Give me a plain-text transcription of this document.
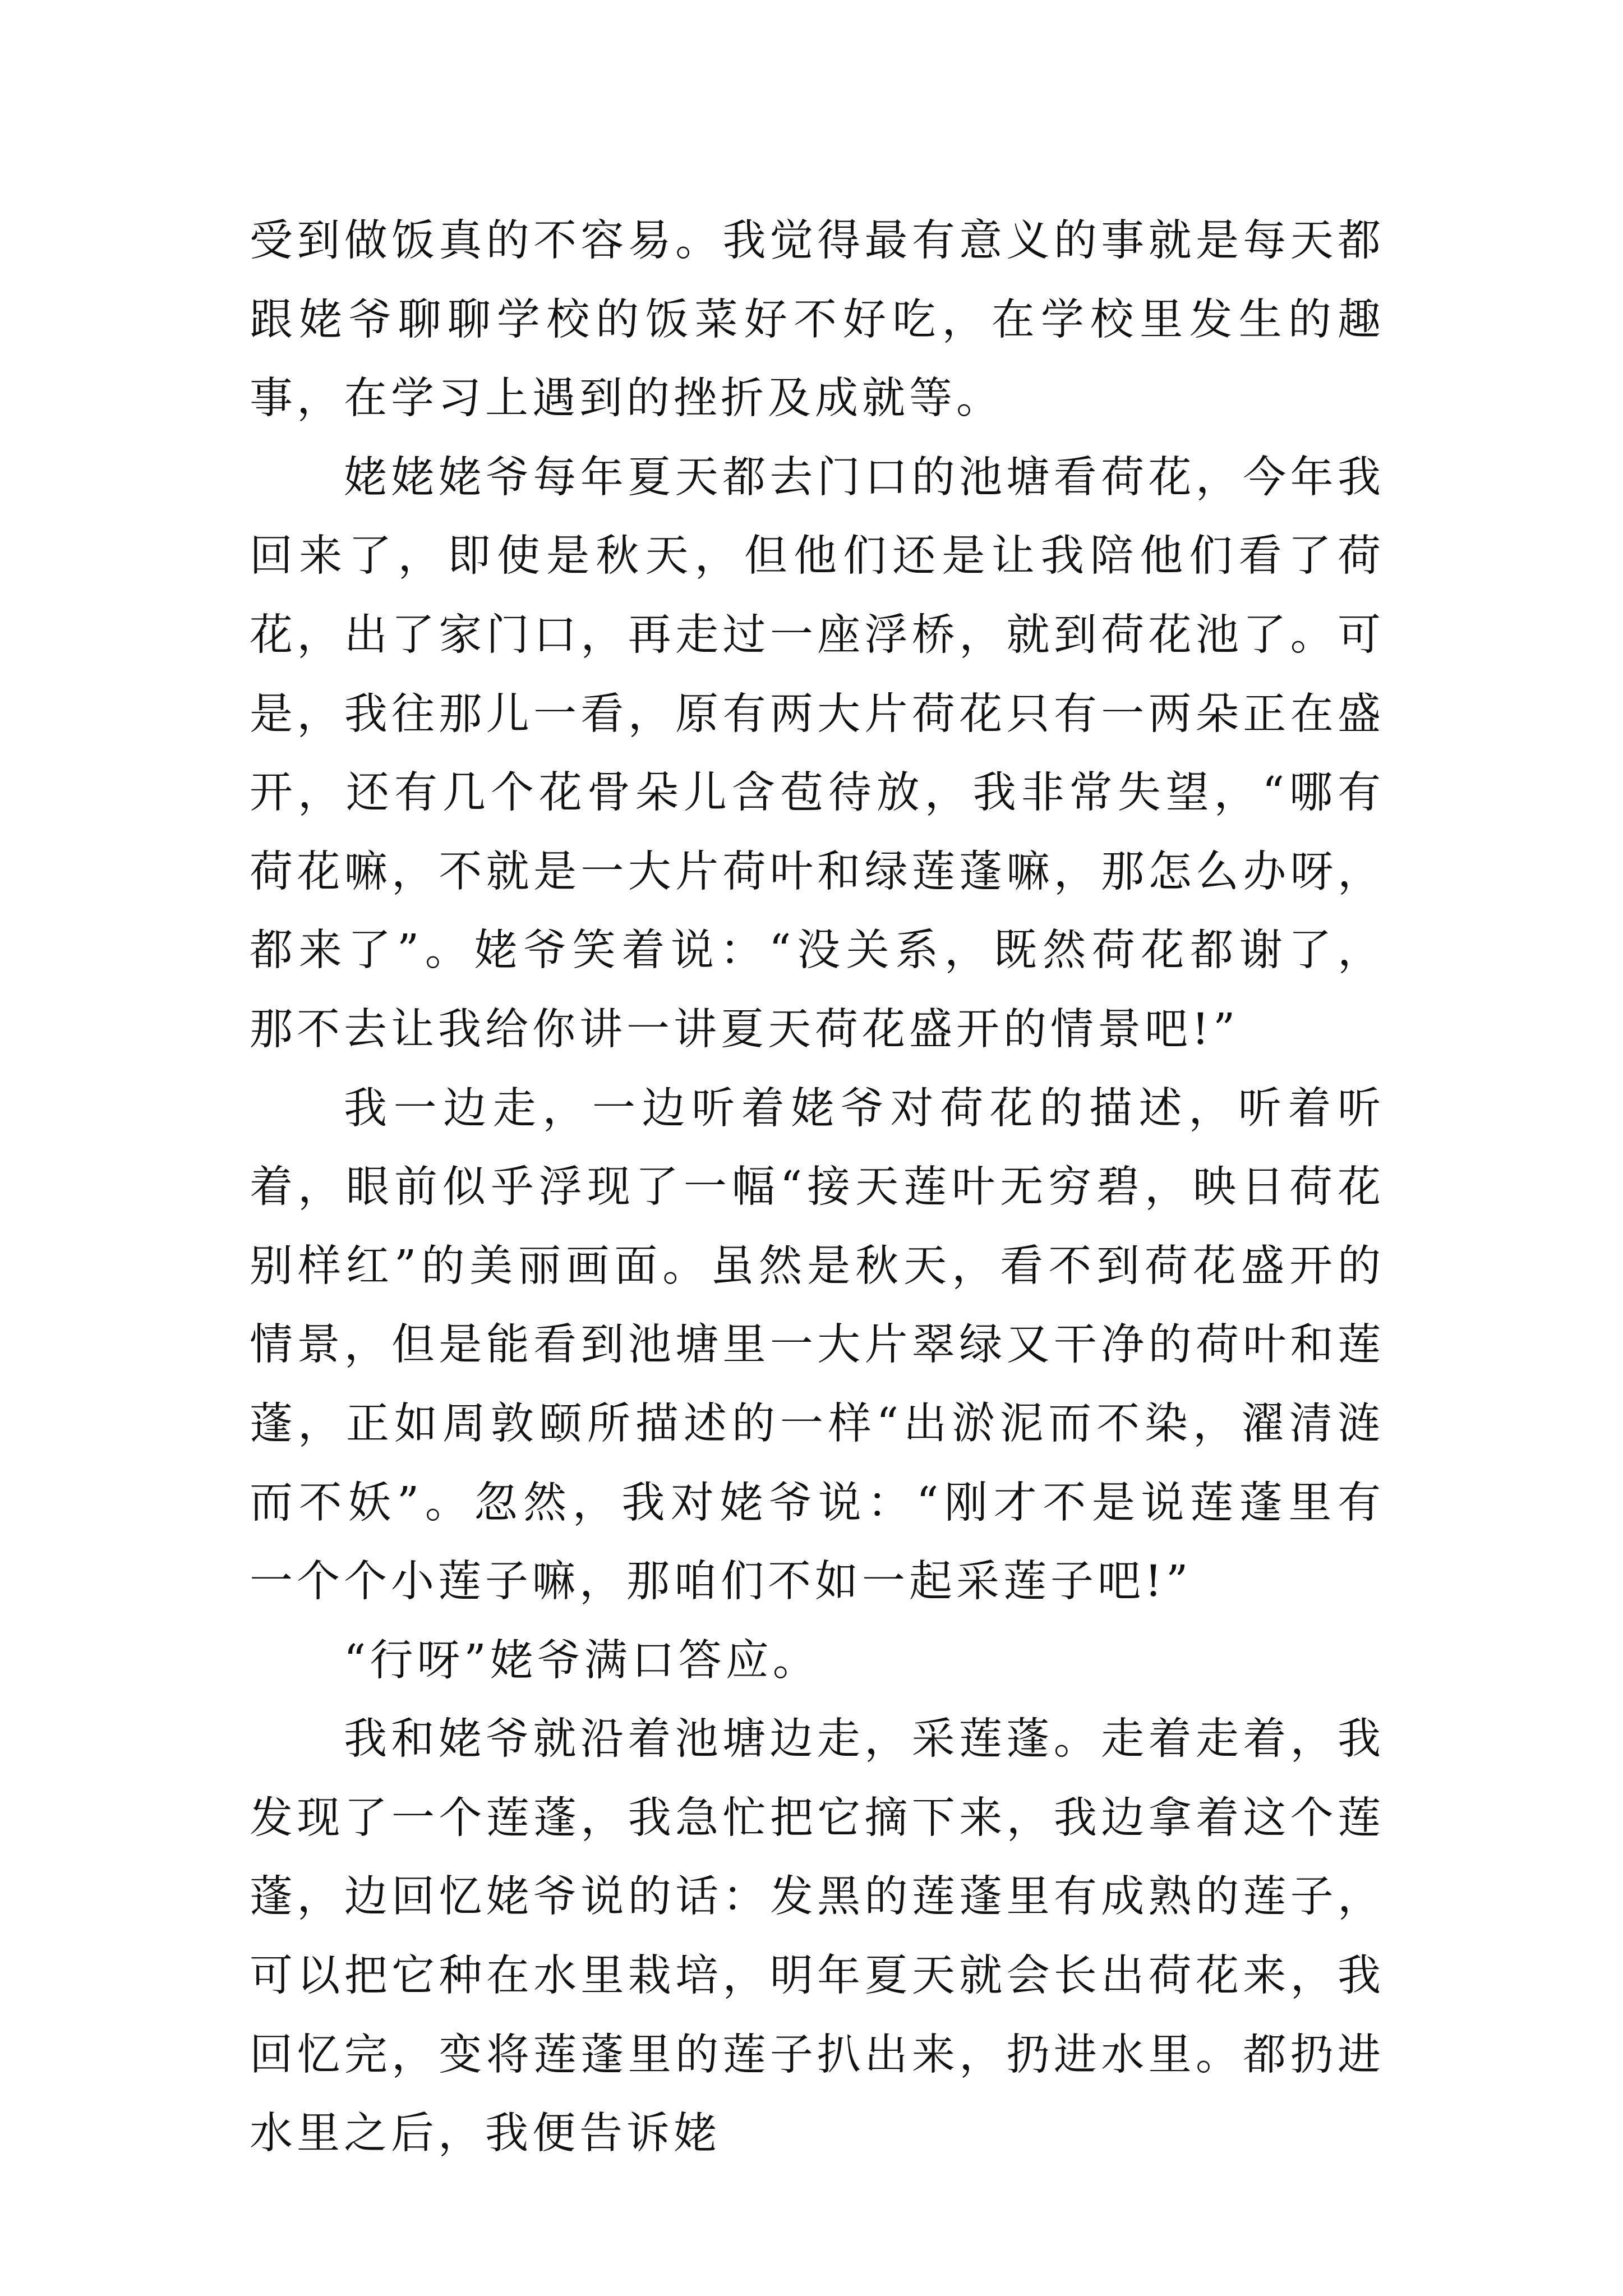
受到做饭真的不容易。我觉得最有意义的事就是每天都跟姥爷聊聊学校的饭菜好不好吃，在学校里发生的趣事，在学习上遇到的挫折及成就等。

姥姥姥爷每年夏天都去门口的池塘看荷花，今年我回来了，即使是秋天，但他们还是让我陪他们看了荷花，出了家门口，再走过一座浮桥，就到荷花池了。可是，我往那儿一看，原有两大片荷花只有一两朵正在盛开，还有几个花骨朵儿含苞待放，我非常失望，“哪有荷花嘛，不就是一大片荷叶和绿莲蓬嘛，那怎么办呀，都来了”。姥爷笑着说：“没关系，既然荷花都谢了，那不去让我给你讲一讲夏天荷花盛开的情景吧!”

我一边走，一边听着姥爷对荷花的描述，听着听着，眼前似乎浮现了一幅“接天莲叶无穷碧，映日荷花别样红”的美丽画面。虽然是秋天，看不到荷花盛开的情景，但是能看到池塘里一大片翠绿又干净的荷叶和莲蓬，正如周敦颐所描述的一样“出淤泥而不染，濯清涟而不妖”。忽然，我对姥爷说：“刚才不是说莲蓬里有一个个小莲子嘛，那咱们不如一起采莲子吧!”

“行呀”姥爷满口答应。

我和姥爷就沿着池塘边走，采莲蓬。走着走着，我发现了一个莲蓬，我急忙把它摘下来，我边拿着这个莲蓬，边回忆姥爷说的话：发黑的莲蓬里有成熟的莲子，可以把它种在水里栽培，明年夏天就会长出荷花来，我回忆完，变将莲蓬里的莲子扒出来，扔进水里。都扔进水里之后，我便告诉姥
